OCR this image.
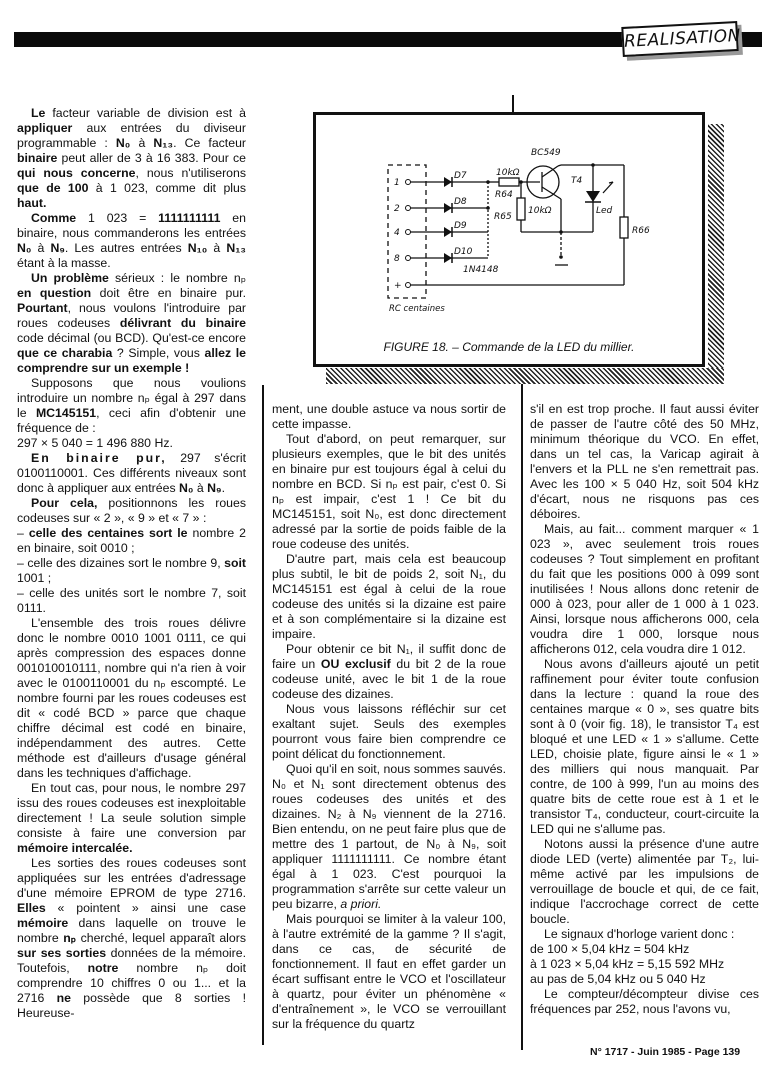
REALISATION
1
2
4
8
+
D7
D8
D9
D10
1N4148
10kΩ
R64
BC549
T4
R65
10kΩ	Led
R66
RC centaines
FIGURE 18. – Commande de la LED du millier.

Le facteur variable de division est à appliquer aux entrées du diviseur programmable : N₀ à N₁₃. Ce facteur binaire peut aller de 3 à 16 383. Pour ce qui nous concerne, nous n'utiliserons que de 100 à 1 023, comme dit plus haut.

Comme 1 023 = 1111111111 en binaire, nous commanderons les entrées N₀ à N₉. Les autres entrées N₁₀ à N₁₃ étant à la masse.

Un problème sérieux : le nombre nₚ en question doit être en binaire pur. Pourtant, nous voulons l'introduire par roues codeuses délivrant du binaire code décimal (ou BCD). Qu'est-ce encore que ce charabia ? Simple, vous allez le comprendre sur un exemple !

Supposons que nous voulions introduire un nombre nₚ égal à 297 dans le MC145151, ceci afin d'obtenir une fréquence de :

297 × 5 040 = 1 496 880 Hz.

En binaire pur, 297 s'écrit 0100110001. Ces différents niveaux sont donc à appliquer aux entrées N₀ à N₉.

Pour cela, positionnons les roues codeuses sur « 2 », « 9 » et « 7 » :

– celle des centaines sort le nombre 2 en binaire, soit 0010 ;

– celle des dizaines sort le nombre 9, soit 1001 ;

– celle des unités sort le nombre 7, soit 0111.

L'ensemble des trois roues délivre donc le nombre 0010 1001 0111, ce qui après compression des espaces donne 001010010111, nombre qui n'a rien à voir avec le 0100110001 du nₚ escompté. Le nombre fourni par les roues codeuses est dit « codé BCD » parce que chaque chiffre décimal est codé en binaire, indépendamment des autres. Cette méthode est d'ailleurs d'usage général dans les techniques d'affichage.

En tout cas, pour nous, le nombre 297 issu des roues codeuses est inexploitable directement ! La seule solution simple consiste à faire une conversion par mémoire intercalée.

Les sorties des roues codeuses sont appliquées sur les entrées d'adressage d'une mémoire EPROM de type 2716. Elles « pointent » ainsi une case mémoire dans laquelle on trouve le nombre nₚ cherché, lequel apparaît alors sur ses sorties données de la mémoire. Toutefois, notre nombre nₚ doit comprendre 10 chiffres 0 ou 1... et la 2716 ne possède que 8 sorties ! Heureuse-

ment, une double astuce va nous sortir de cette impasse.

Tout d'abord, on peut remarquer, sur plusieurs exemples, que le bit des unités en binaire pur est toujours égal à celui du nombre en BCD. Si nₚ est pair, c'est 0. Si nₚ est impair, c'est 1 ! Ce bit du MC145151, soit N₀, est donc directement adressé par la sortie de poids faible de la roue codeuse des unités.

D'autre part, mais cela est beaucoup plus subtil, le bit de poids 2, soit N₁, du MC145151 est égal à celui de la roue codeuse des unités si la dizaine est paire et à son complémentaire si la dizaine est impaire.

Pour obtenir ce bit N₁, il suffit donc de faire un OU exclusif du bit 2 de la roue codeuse unité, avec le bit 1 de la roue codeuse des dizaines.

Nous vous laissons réfléchir sur cet exaltant sujet. Seuls des exemples pourront vous faire bien comprendre ce point délicat du fonctionnement.

Quoi qu'il en soit, nous sommes sauvés. N₀ et N₁ sont directement obtenus des roues codeuses des unités et des dizaines. N₂ à N₉ viennent de la 2716. Bien entendu, on ne peut faire plus que de mettre des 1 partout, de N₀ à N₉, soit appliquer 1111111111. Ce nombre étant égal à 1 023. C'est pourquoi la programmation s'arrête sur cette valeur un peu bizarre, a priori.

Mais pourquoi se limiter à la valeur 100, à l'autre extrémité de la gamme ? Il s'agit, dans ce cas, de sécurité de fonctionnement. Il faut en effet garder un écart suffisant entre le VCO et l'oscillateur à quartz, pour éviter un phénomène « d'entraînement », le VCO se verrouillant sur la fréquence du quartz

s'il en est trop proche. Il faut aussi éviter de passer de l'autre côté des 50 MHz, minimum théorique du VCO. En effet, dans un tel cas, la Varicap agirait à l'envers et la PLL ne s'en remettrait pas. Avec les 100 × 5 040 Hz, soit 504 kHz d'écart, nous ne risquons pas ces déboires.

Mais, au fait... comment marquer « 1 023 », avec seulement trois roues codeuses ? Tout simplement en profitant du fait que les positions 000 à 099 sont inutilisées ! Nous allons donc retenir de 000 à 023, pour aller de 1 000 à 1 023. Ainsi, lorsque nous afficherons 000, cela voudra dire 1 000, lorsque nous afficherons 012, cela voudra dire 1 012.

Nous avons d'ailleurs ajouté un petit raffinement pour éviter toute confusion dans la lecture : quand la roue des centaines marque « 0 », ses quatre bits sont à 0 (voir fig. 18), le transistor T₄ est bloqué et une LED « 1 » s'allume. Cette LED, choisie plate, figure ainsi le « 1 » des milliers qui nous manquait. Par contre, de 100 à 999, l'un au moins des quatre bits de cette roue est à 1 et le transistor T₄, conducteur, court-circuite la LED qui ne s'allume pas.

Notons aussi la présence d'une autre diode LED (verte) alimentée par T₂, lui-même activé par les impulsions de verrouillage de boucle et qui, de ce fait, indique l'accrochage correct de cette boucle.

Le signaux d'horloge varient donc :

de 100 × 5,04 kHz = 504 kHz

à 1 023 × 5,04 kHz = 5,15 592 MHz

au pas de 5,04 kHz ou 5 040 Hz

Le compteur/décompteur divise ces fréquences par 252, nous l'avons vu,

N° 1717 - Juin 1985 - Page 139
